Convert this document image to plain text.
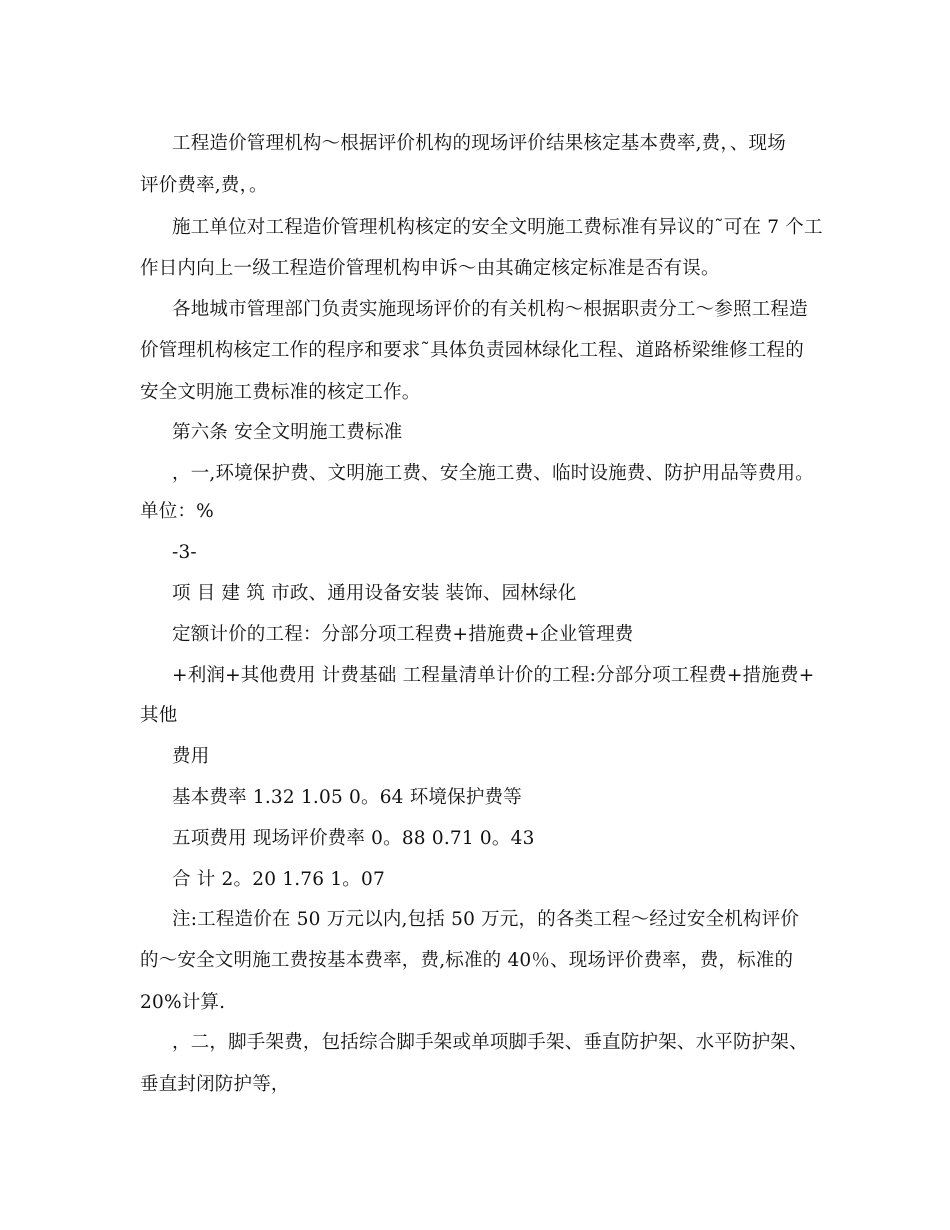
工程造价管理机构～根据评价机构的现场评价结果核定基本费率,费，、现场
评价费率,费，。
施工单位对工程造价管理机构核定的安全文明施工费标准有异议的˜可在 7 个工
作日内向上一级工程造价管理机构申诉～由其确定核定标准是否有误。
各地城市管理部门负责实施现场评价的有关机构～根据职责分工～参照工程造
价管理机构核定工作的程序和要求˜具体负责园林绿化工程、道路桥梁维修工程的
安全文明施工费标准的核定工作。
第六条 安全文明施工费标准
，一,环境保护费、文明施工费、安全施工费、临时设施费、防护用品等费用。
单位：%
-3-
项 目 建 筑 市政、通用设备安装 装饰、园林绿化
定额计价的工程：分部分项工程费+措施费+企业管理费
+利润+其他费用 计费基础 工程量清单计价的工程:分部分项工程费+措施费+
其他
费用
基本费率 1.32 1.05 0。64 环境保护费等
五项费用 现场评价费率 0。88 0.71 0。43
合 计 2。20 1.76 1。07
注:工程造价在 50 万元以内,包括 50 万元，的各类工程～经过安全机构评价
的～安全文明施工费按基本费率，费,标准的 40％、现场评价费率，费，标准的
20%计算.
，二，脚手架费，包括综合脚手架或单项脚手架、垂直防护架、水平防护架、
垂直封闭防护等，
